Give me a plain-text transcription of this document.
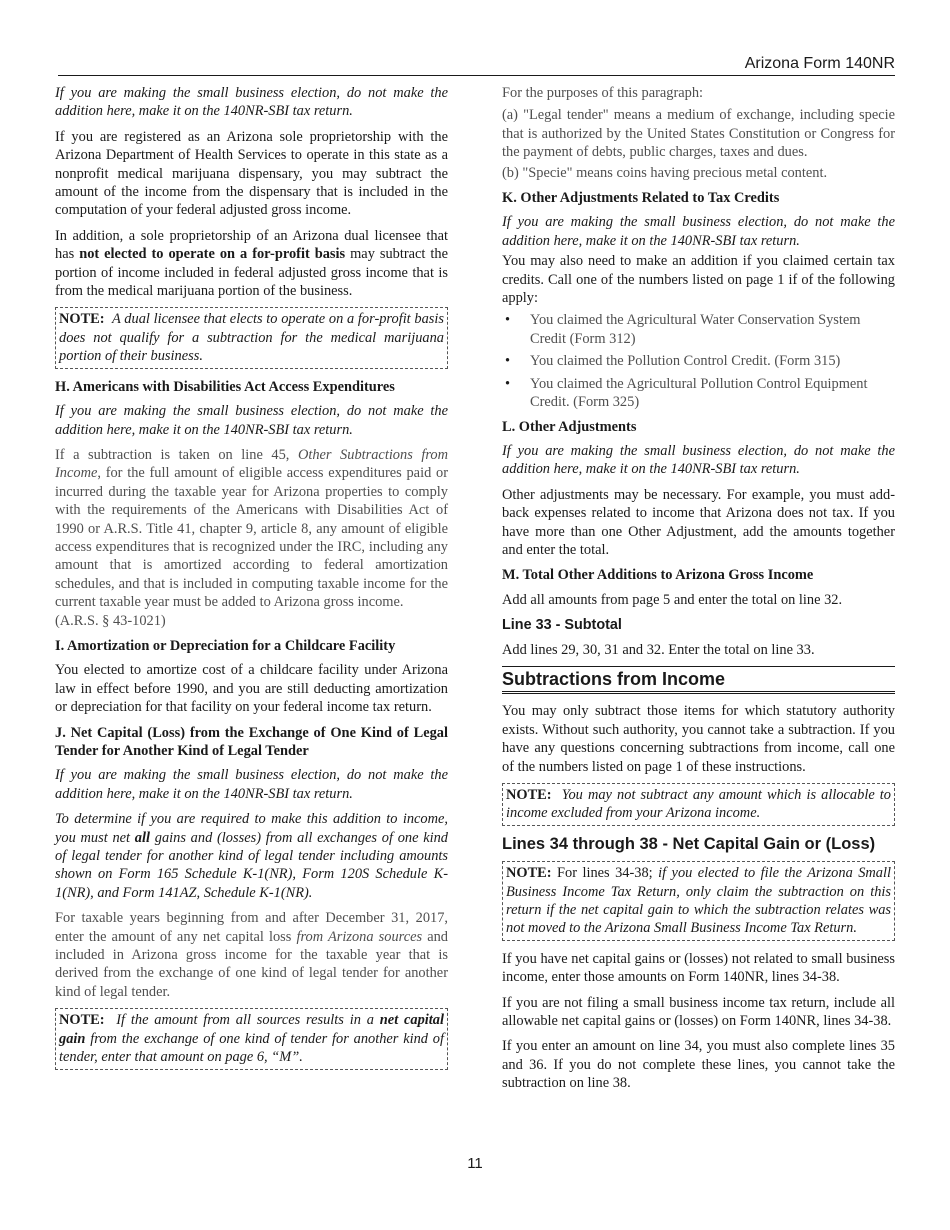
Arizona Form 140NR

If you are making the small business election, do not make the addition here, make it on the 140NR-SBI tax return.

If you are registered as an Arizona sole proprietorship with the Arizona Department of Health Services to operate in this state as a nonprofit medical marijuana dispensary, you may subtract the amount of the income from the dispensary that is included in the computation of your federal adjusted gross income.

In addition, a sole proprietorship of an Arizona dual licensee that has not elected to operate on a for-profit basis may subtract the portion of income included in federal adjusted gross income that is from the medical marijuana portion of the business.

NOTE: A dual licensee that elects to operate on a for-profit basis does not qualify for a subtraction for the medical marijuana portion of their business.
H. Americans with Disabilities Act Access Expenditures

If you are making the small business election, do not make the addition here, make it on the 140NR-SBI tax return.

If a subtraction is taken on line 45, Other Subtractions from Income, for the full amount of eligible access expenditures paid or incurred during the taxable year for Arizona properties to comply with the requirements of the Americans with Disabilities Act of 1990 or A.R.S. Title 41, chapter 9, article 8, any amount of eligible access expenditures that is recognized under the IRC, including any amount that is amortized according to federal amortization schedules, and that is included in computing taxable income for the current taxable year must be added to Arizona gross income.

(A.R.S. § 43-1021)

I. Amortization or Depreciation for a Childcare Facility

You elected to amortize cost of a childcare facility under Arizona law in effect before 1990, and you are still deducting amortization or depreciation for that facility on your federal income tax return.

J. Net Capital (Loss) from the Exchange of One Kind of Legal Tender for Another Kind of Legal Tender

If you are making the small business election, do not make the addition here, make it on the 140NR-SBI tax return.

To determine if you are required to make this addition to income, you must net all gains and (losses) from all exchanges of one kind of legal tender for another kind of legal tender including amounts shown on Form 165 Schedule K-1(NR), Form 120S Schedule K-1(NR), and Form 141AZ, Schedule K-1(NR).

For taxable years beginning from and after December 31, 2017, enter the amount of any net capital loss from Arizona sources and included in Arizona gross income for the taxable year that is derived from the exchange of one kind of legal tender for another kind of legal tender.

NOTE: If the amount from all sources results in a net capital gain from the exchange of one kind of tender for another kind of tender, enter that amount on page 6, “M”.

For the purposes of this paragraph:

(a) "Legal tender" means a medium of exchange, including specie that is authorized by the United States Constitution or Congress for the payment of debts, public charges, taxes and dues.

(b) "Specie" means coins having precious metal content.

K. Other Adjustments Related to Tax Credits

If you are making the small business election, do not make the addition here, make it on the 140NR-SBI tax return.

You may also need to make an addition if you claimed certain tax credits. Call one of the numbers listed on page 1 if of the following apply:

• You claimed the Agricultural Water Conservation System Credit (Form 312)
• You claimed the Pollution Control Credit. (Form 315)
• You claimed the Agricultural Pollution Control Equipment Credit. (Form 325)
L. Other Adjustments

If you are making the small business election, do not make the addition here, make it on the 140NR-SBI tax return.

Other adjustments may be necessary. For example, you must add-back expenses related to income that Arizona does not tax. If you have more than one Other Adjustment, add the amounts together and enter the total.

M. Total Other Additions to Arizona Gross Income

Add all amounts from page 5 and enter the total on line 32.

Line 33 - Subtotal

Add lines 29, 30, 31 and 32. Enter the total on line 33.

Subtractions from Income

You may only subtract those items for which statutory authority exists. Without such authority, you cannot take a subtraction. If you have any questions concerning subtractions from income, call one of the numbers listed on page 1 of these instructions.

NOTE: You may not subtract any amount which is allocable to income excluded from your Arizona income.
Lines 34 through 38 - Net Capital Gain or (Loss)
NOTE: For lines 34-38; if you elected to file the Arizona Small Business Income Tax Return, only claim the subtraction on this return if the net capital gain to which the subtraction relates was not moved to the Arizona Small Business Income Tax Return.

If you have net capital gains or (losses) not related to small business income, enter those amounts on Form 140NR, lines 34-38.

If you are not filing a small business income tax return, include all allowable net capital gains or (losses) on Form 140NR, lines 34-38.

If you enter an amount on line 34, you must also complete lines 35 and 36. If you do not complete these lines, you cannot take the subtraction on line 38.

11
